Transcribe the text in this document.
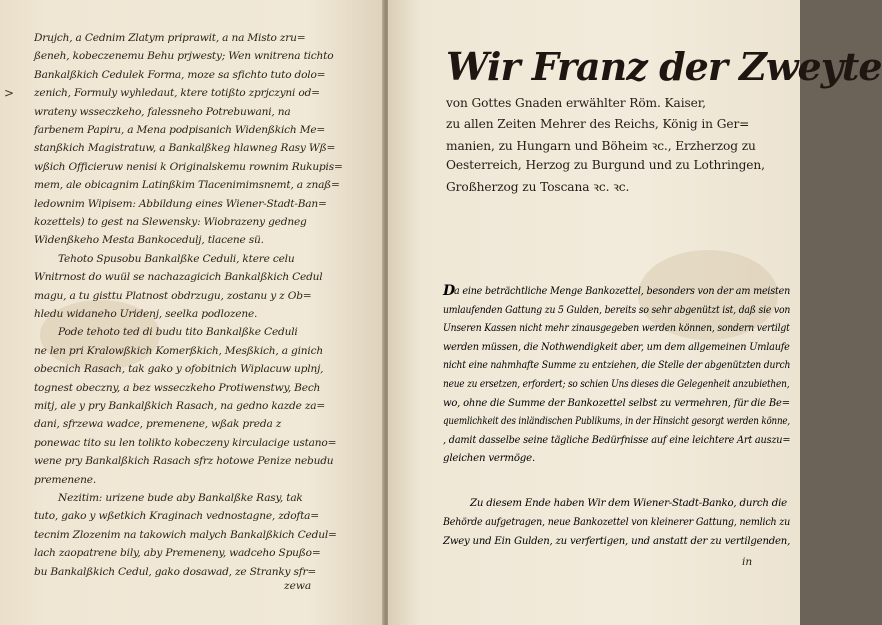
>
Drujch, a Cednim Zlatym priprawit, a na Misto zru=
ßeneh, kobeczenemu Behu prjwesty; Wen wnitrena tichto
Bankalßkich Cedulek Forma, moze sa sfichto tuto dolo=
zenich, Formuly wyhledaut, ktere totißto zprjczyni od=
wrateny wsseczkeho, falessneho Potrebuwani, na
farbenem Papiru, a Mena podpisanich Widenßkich Me=
stanßkich Magistratuw, a Bankalßkeg hlawneg Rasy Wß=
wßich Officieruw nenisi k Originalskemu rownim Rukupis=
mem, ale obicagnim Latinßkim Tlacenimimsnemt, a znaß=
ledownim Wipisem: Abbildung eines Wiener-Stadt-Ban=
kozettels) to gest na Slewensky: Wiobrazeny gedneg
Widenßkeho Mesta Bankocedulj, tlacene sü.
Tehoto Spusobu Bankalßke Ceduli, ktere celu
Wnitrnost do wuül se nachazagicich Bankalßkich Cedul
magu, a tu gisttu Platnost obdrzugu, zostanu y z Ob=
hledu widaneho Uridenj, seelka podlozene.
Pode tehoto ted di budu tito Bankalßke Ceduli
ne len pri Kralowßkich Komerßkich, Mesßkich, a ginich
obecnich Rasach, tak gako y ofobitnich Wiplacuw uplnj,
tognest obeczny, a bez wsseczkeho Protiwenstwy, Bech
mitj, ale y pry Bankalßkich Rasach, na gedno kazde za=
dani, sfrzewa wadce, premenene, wßak preda z
ponewac tito su len tolikto kobeczeny kirculacige ustano=
wene pry Bankalßkich Rasach sfrz hotowe Penize nebudu
premenene.
Nezitim: urizene bude aby Bankalßke Rasy, tak
tuto, gako y wßetkich Kraginach vednostagne, zdofta=
tecnim Zlozenim na takowich malych Bankalßkich Cedul=
lach zaopatrene bily, aby Premeneny, wadceho Spußo=
bu Bankalßkich Cedul, gako dosawad, ze Stranky sfr=
zewa
Wir Franz der Zweyte
von Gottes Gnaden erwählter Röm. Kaiser,
zu allen Zeiten Mehrer des Reichs, König in Ger=
manien, zu Hungarn und Böheim ꝛc., Erzherzog zu
Oesterreich, Herzog zu Burgund und zu Lothringen,
Großherzog zu Toscana ꝛc. ꝛc.
D a eine beträchtliche Menge Bankozettel, besonders von der am meisten
umlaufenden Gattung zu 5 Gulden, bereits so sehr abgenützt ist, daß sie von
Unseren Kassen nicht mehr zinausgegeben werden können, sondern vertilgt
werden müssen, die Nothwendigkeit aber, um dem allgemeinen Umlaufe
nicht eine nahmhafte Summe zu entziehen, die Stelle der abgenützten durch
neue zu ersetzen, erfordert; so schien Uns dieses die Gelegenheit anzubiethen,
wo, ohne die Summe der Bankozettel selbst zu vermehren, für die Be=
quemlichkeit des inländischen Publikums, in der Hinsicht gesorgt werden könne,
, damit dasselbe seine tägliche Bedürfnisse auf eine leichtere Art auszu=
gleichen vermöge.
Zu diesem Ende haben Wir dem Wiener-Stadt-Banko, durch die
Behörde aufgetragen, neue Bankozettel von kleinerer Gattung, nemlich zu
Zwey und Ein Gulden, zu verfertigen, und anstatt der zu vertilgenden,
in
